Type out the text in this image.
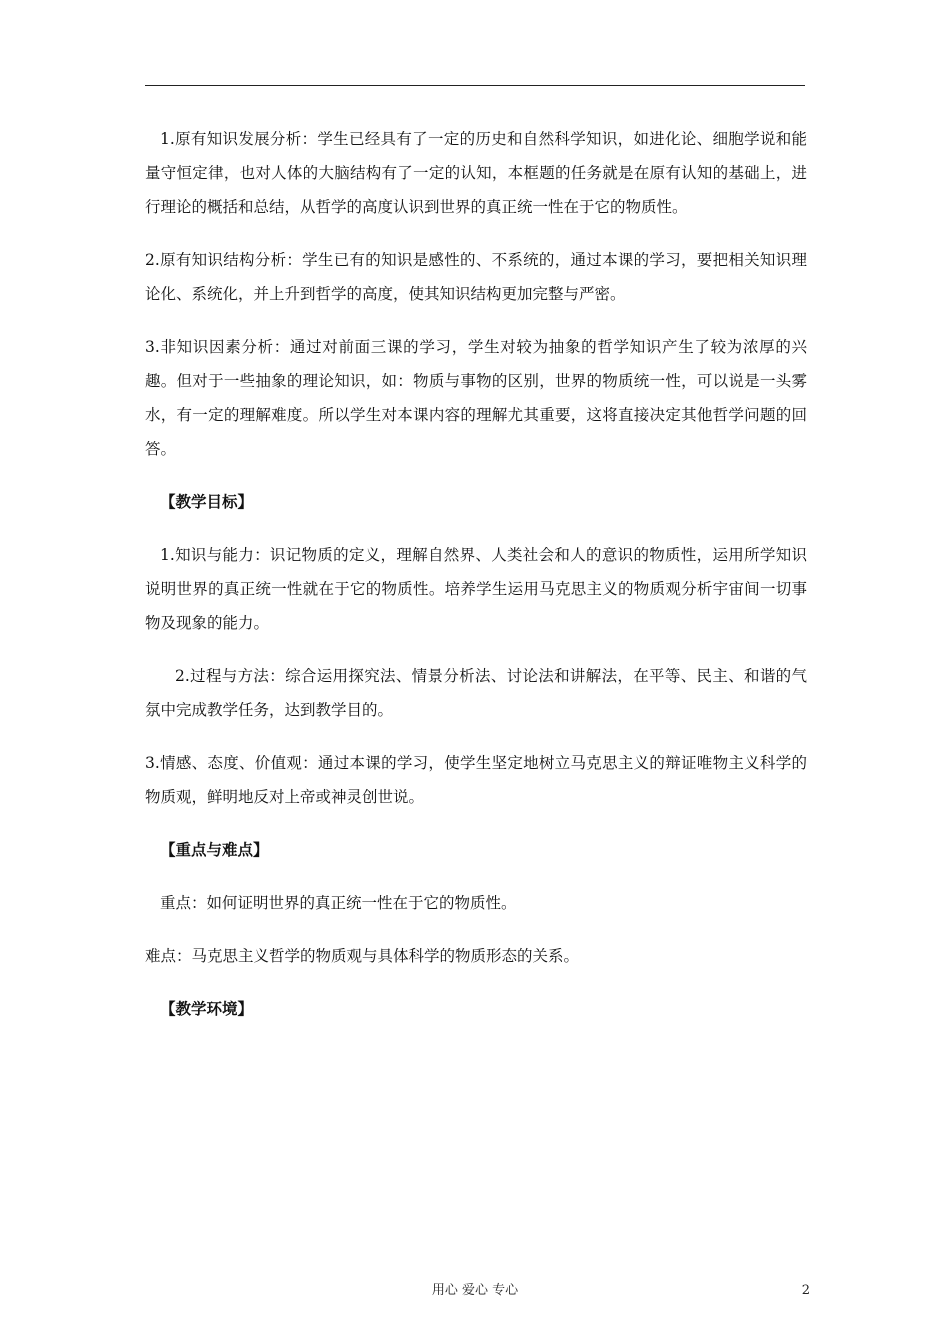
1.原有知识发展分析：学生已经具有了一定的历史和自然科学知识，如进化论、细胞学说和能量守恒定律，也对人体的大脑结构有了一定的认知，本框题的任务就是在原有认知的基础上，进行理论的概括和总结，从哲学的高度认识到世界的真正统一性在于它的物质性。

2.原有知识结构分析：学生已有的知识是感性的、不系统的，通过本课的学习，要把相关知识理论化、系统化，并上升到哲学的高度，使其知识结构更加完整与严密。

3.非知识因素分析：通过对前面三课的学习，学生对较为抽象的哲学知识产生了较为浓厚的兴趣。但对于一些抽象的理论知识，如：物质与事物的区别，世界的物质统一性，可以说是一头雾水，有一定的理解难度。所以学生对本课内容的理解尤其重要，这将直接决定其他哲学问题的回答。

【教学目标】

1.知识与能力：识记物质的定义，理解自然界、人类社会和人的意识的物质性，运用所学知识说明世界的真正统一性就在于它的物质性。培养学生运用马克思主义的物质观分析宇宙间一切事物及现象的能力。

2.过程与方法：综合运用探究法、情景分析法、讨论法和讲解法，在平等、民主、和谐的气氛中完成教学任务，达到教学目的。

3.情感、态度、价值观：通过本课的学习，使学生坚定地树立马克思主义的辩证唯物主义科学的物质观，鲜明地反对上帝或神灵创世说。

【重点与难点】

重点：如何证明世界的真正统一性在于它的物质性。

难点：马克思主义哲学的物质观与具体科学的物质形态的关系。

【教学环境】

用心 爱心 专心	2
